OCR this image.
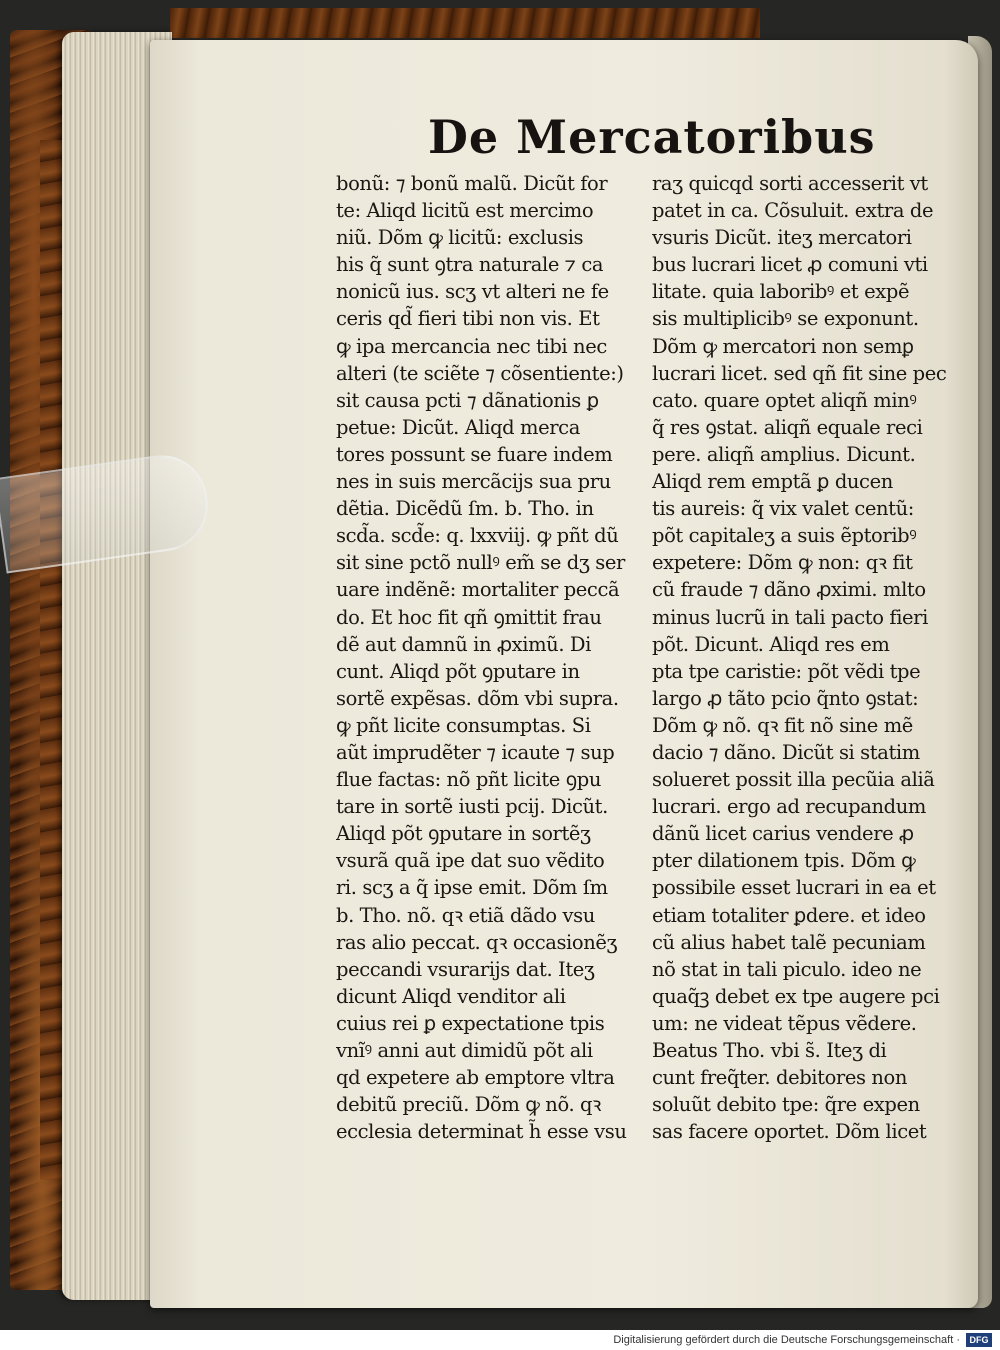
De Mercatoribus
bonũ: ⁊ bonũ malũ. Dicũt for
te: Aliqd licitũ est mercimo
niũ. Dõm ꝙ licitũ: exclusis
his q̃ sunt ꝯtra naturale ⁊ ca
nonicũ ius. scʒ vt alteri ne fe
ceris qd̃ fieri tibi non vis. Et
ꝙ ipa mercancia nec tibi nec
alteri (te sciẽte ⁊ cõsentiente:)
sit causa pcti ⁊ dãnationis ꝑ
petue: Dicũt. Aliqd merca
tores possunt se fuare indem
nes in suis mercãcijs sua pru
dẽtia. Dicẽdũ ſm. b. Tho. in
scd̃a. scd̃e: q. lxxviij. ꝙ pñt dũ
sit sine pctõ nullꝰ em̃ se dʒ ser
uare indẽnẽ: mortaliter peccã
do. Et hoc fit qñ ꝯmittit frau
dẽ aut damnũ in ꝓximũ. Di
cunt. Aliqd põt ꝯputare in
sortẽ expẽsas. dõm vbi supra.
ꝙ pñt licite consumptas. Si
aũt imprudẽter ⁊ icaute ⁊ sup
flue factas: nõ pñt licite ꝯpu
tare in sortẽ iusti pcij. Dicũt.
Aliqd põt ꝯputare in sortẽʒ
vsurã quã ipe dat suo vẽdito
ri. scʒ a q̃ ipse emit. Dõm ſm
b. Tho. nõ. qꝛ etiã dãdo vsu
ras alio peccat. qꝛ occasionẽʒ
peccandi vsurarijs dat. Iteʒ
dicunt Aliqd venditor ali
cuius rei ꝑ expectatione tpis
vnĩꝰ anni aut dimidũ põt ali
qd expetere ab emptore vltra
debitũ preciũ. Dõm ꝙ nõ. qꝛ
ecclesia determinat h̃ esse vsu
raʒ quicqd sorti accesserit vt
patet in ca. Cõsuluit. extra de
vsuris Dicũt. iteʒ mercatori
bus lucrari licet ꝓ comuni vti
litate. quia laboribꝰ et expẽ
sis multiplicibꝰ se exponunt.
Dõm ꝙ mercatori non semꝑ
lucrari licet. sed qñ fit sine pec
cato. quare optet aliqñ minꝰ
q̃ res ꝯstat. aliqñ equale reci
pere. aliqñ amplius. Dicunt.
Aliqd rem emptã ꝑ ducen
tis aureis: q̃ vix valet centũ:
põt capitaleʒ a suis ẽptoribꝰ
expetere: Dõm ꝙ non: qꝛ fit
cũ fraude ⁊ dãno ꝓximi. mlto
minus lucrũ in tali pacto fieri
põt. Dicunt. Aliqd res em
pta tpe caristie: põt vẽdi tpe
largo ꝓ tãto pcio q̃nto ꝯstat:
Dõm ꝙ nõ. qꝛ fit nõ sine mẽ
dacio ⁊ dãno. Dicũt si statim
solueret possit illa pecũia aliã
lucrari. ergo ad recupandum
dãnũ licet carius vendere ꝓ
pter dilationem tpis. Dõm ꝙ
possibile esset lucrari in ea et
etiam totaliter ꝑdere. et ideo
cũ alius habet talẽ pecuniam
nõ stat in tali piculo. ideo ne
quaq̃ꝫ debet ex tpe augere pci
um: ne videat tẽpus vẽdere.
Beatus Tho. vbi s̃. Iteʒ di
cunt freq̃ter. debitores non
soluũt debito tpe: q̃re expen
sas facere oportet. Dõm licet
Digitalisierung gefördert durch die Deutsche Forschungsgemeinschaft ·	DFG
